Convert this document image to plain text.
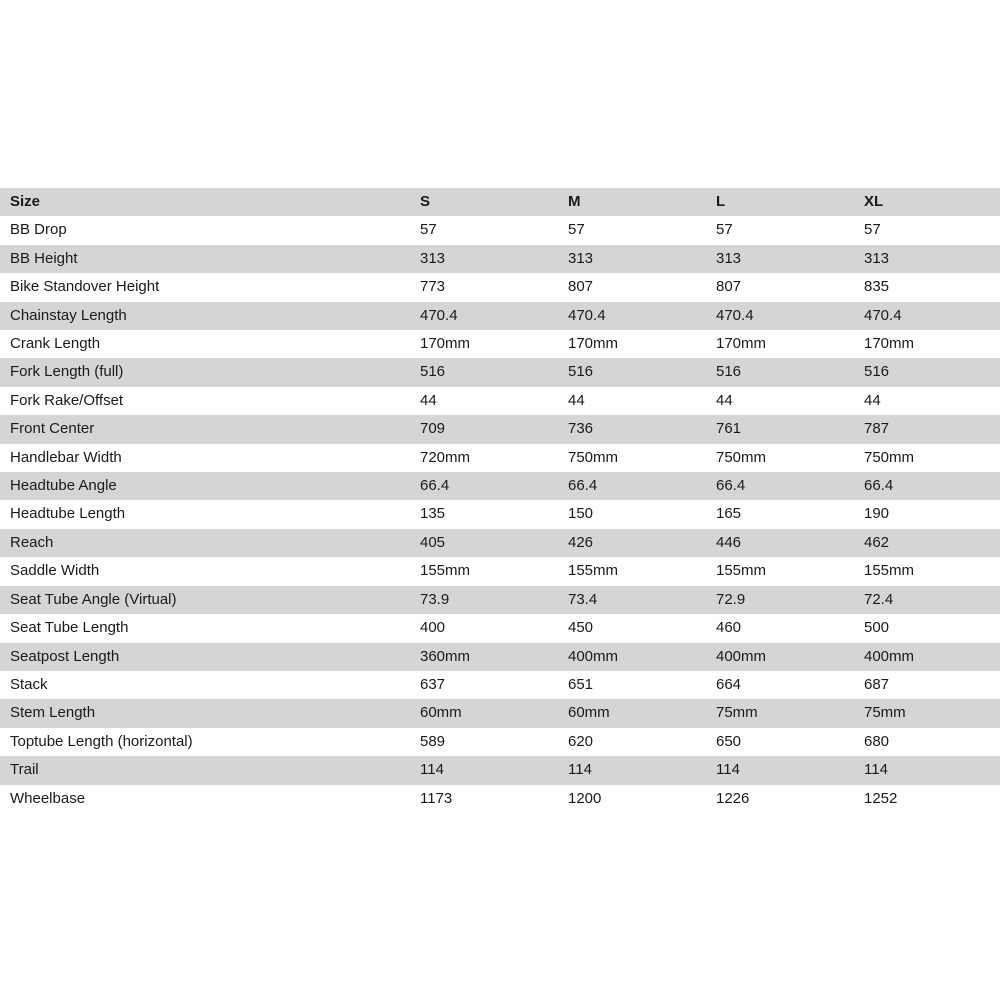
Size	S	M	L	XL
BB Drop	57	57	57	57
BB Height	313	313	313	313
Bike Standover Height	773	807	807	835
Chainstay Length	470.4	470.4	470.4	470.4
Crank Length	170mm	170mm	170mm	170mm
Fork Length (full)	516	516	516	516
Fork Rake/Offset	44	44	44	44
Front Center	709	736	761	787
Handlebar Width	720mm	750mm	750mm	750mm
Headtube Angle	66.4	66.4	66.4	66.4
Headtube Length	135	150	165	190
Reach	405	426	446	462
Saddle Width	155mm	155mm	155mm	155mm
Seat Tube Angle (Virtual)	73.9	73.4	72.9	72.4
Seat Tube Length	400	450	460	500
Seatpost Length	360mm	400mm	400mm	400mm
Stack	637	651	664	687
Stem Length	60mm	60mm	75mm	75mm
Toptube Length (horizontal)	589	620	650	680
Trail	114	114	114	114
Wheelbase	1173	1200	1226	1252
